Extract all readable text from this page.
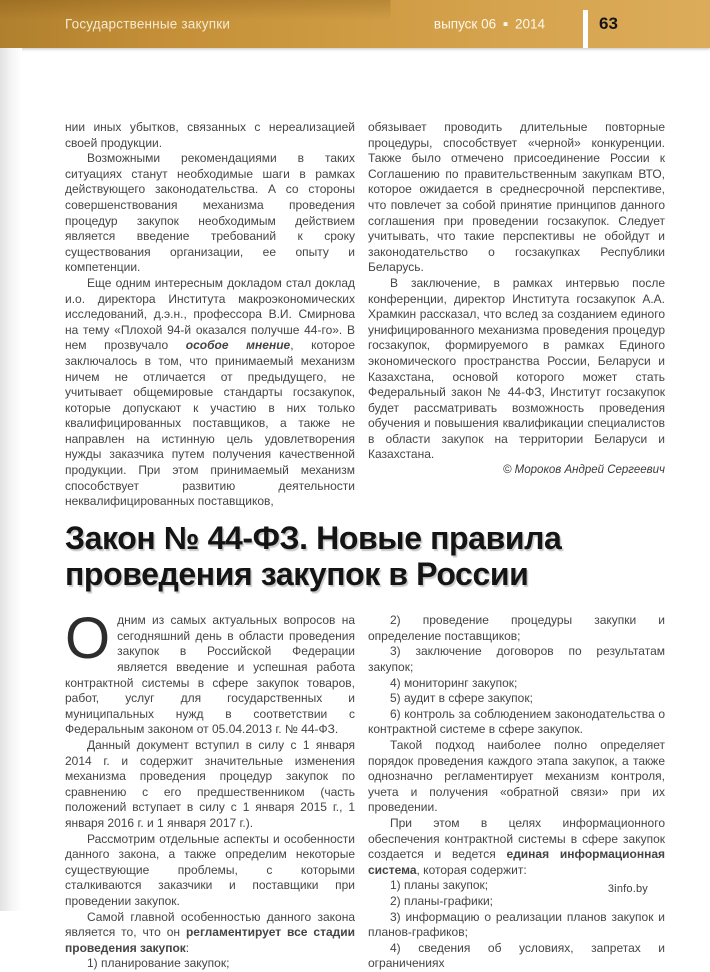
Государственные закупки	выпуск 06 ■ 2014	63

нии иных убытков, связанных с нереализацией своей продукции.

Возможными рекомендациями в таких ситуациях станут необходимые шаги в рамках действующего законодательства. А со стороны совершенствования механизма проведения процедур закупок необходимым действием является введение требований к сроку существования организации, ее опыту и компетенции.

Еще одним интересным докладом стал доклад и.о. директора Института макроэкономических исследований, д.э.н., профессора В.И. Смирнова на тему «Плохой 94-й оказался получше 44-го». В нем прозвучало особое мнение, которое заключалось в том, что принимаемый механизм ничем не отличается от предыдущего, не учитывает общемировые стандарты госзакупок, которые допускают к участию в них только квалифицированных поставщиков, а также не направлен на истинную цель удовлетворения нужды заказчика путем получения качественной продукции. При этом принимаемый механизм способствует развитию деятельности неквалифицированных поставщиков,

обязывает проводить длительные повторные процедуры, способствует «черной» конкуренции. Также было отмечено присоединение России к Соглашению по правительственным закупкам ВТО, которое ожидается в среднесрочной перспективе, что повлечет за собой принятие принципов данного соглашения при проведении госзакупок. Следует учитывать, что такие перспективы не обойдут и законодательство о госзакупках Республики Беларусь.

В заключение, в рамках интервью после конференции, директор Института госзакупок А.А. Храмкин рассказал, что вслед за созданием единого унифицированного механизма проведения процедур госзакупок, формируемого в рамках Единого экономического пространства России, Беларуси и Казахстана, основой которого может стать Федеральный закон № 44-ФЗ, Институт госзакупок будет рассматривать возможность проведения обучения и повышения квалификации специалистов в области закупок на территории Беларуси и Казахстана.

© Мороков Андрей Сергеевич

Закон № 44-ФЗ. Новые правила
проведения закупок в России

Одним из самых актуальных вопросов на сегодняшний день в области проведения закупок в Российской Федерации является введение и успешная работа контрактной системы в сфере закупок товаров, работ, услуг для государственных и муниципальных нужд в соответствии с Федеральным законом от 05.04.2013 г. № 44-ФЗ.

Данный документ вступил в силу с 1 января 2014 г. и содержит значительные изменения механизма проведения процедур закупок по сравнению с его предшественником (часть положений вступает в силу с 1 января 2015 г., 1 января 2016 г. и 1 января 2017 г.).

Рассмотрим отдельные аспекты и особенности данного закона, а также определим некоторые существующие проблемы, с которыми сталкиваются заказчики и поставщики при проведении закупок.

Самой главной особенностью данного закона является то, что он регламентирует все стадии проведения закупок:

1) планирование закупок;

2) проведение процедуры закупки и определение поставщиков;

3) заключение договоров по результатам закупок;

4) мониторинг закупок;

5) аудит в сфере закупок;

6) контроль за соблюдением законодательства о контрактной системе в сфере закупок.

Такой подход наиболее полно определяет порядок проведения каждого этапа закупок, а также однозначно регламентирует механизм контроля, учета и получения «обратной связи» при их проведении.

При этом в целях информационного обеспечения контрактной системы в сфере закупок создается и ведется единая информационная система, которая содержит:

1) планы закупок;

2) планы-графики;

3) информацию о реализации планов закупок и планов-графиков;

4) сведения об условиях, запретах и ограничениях

3info.by
